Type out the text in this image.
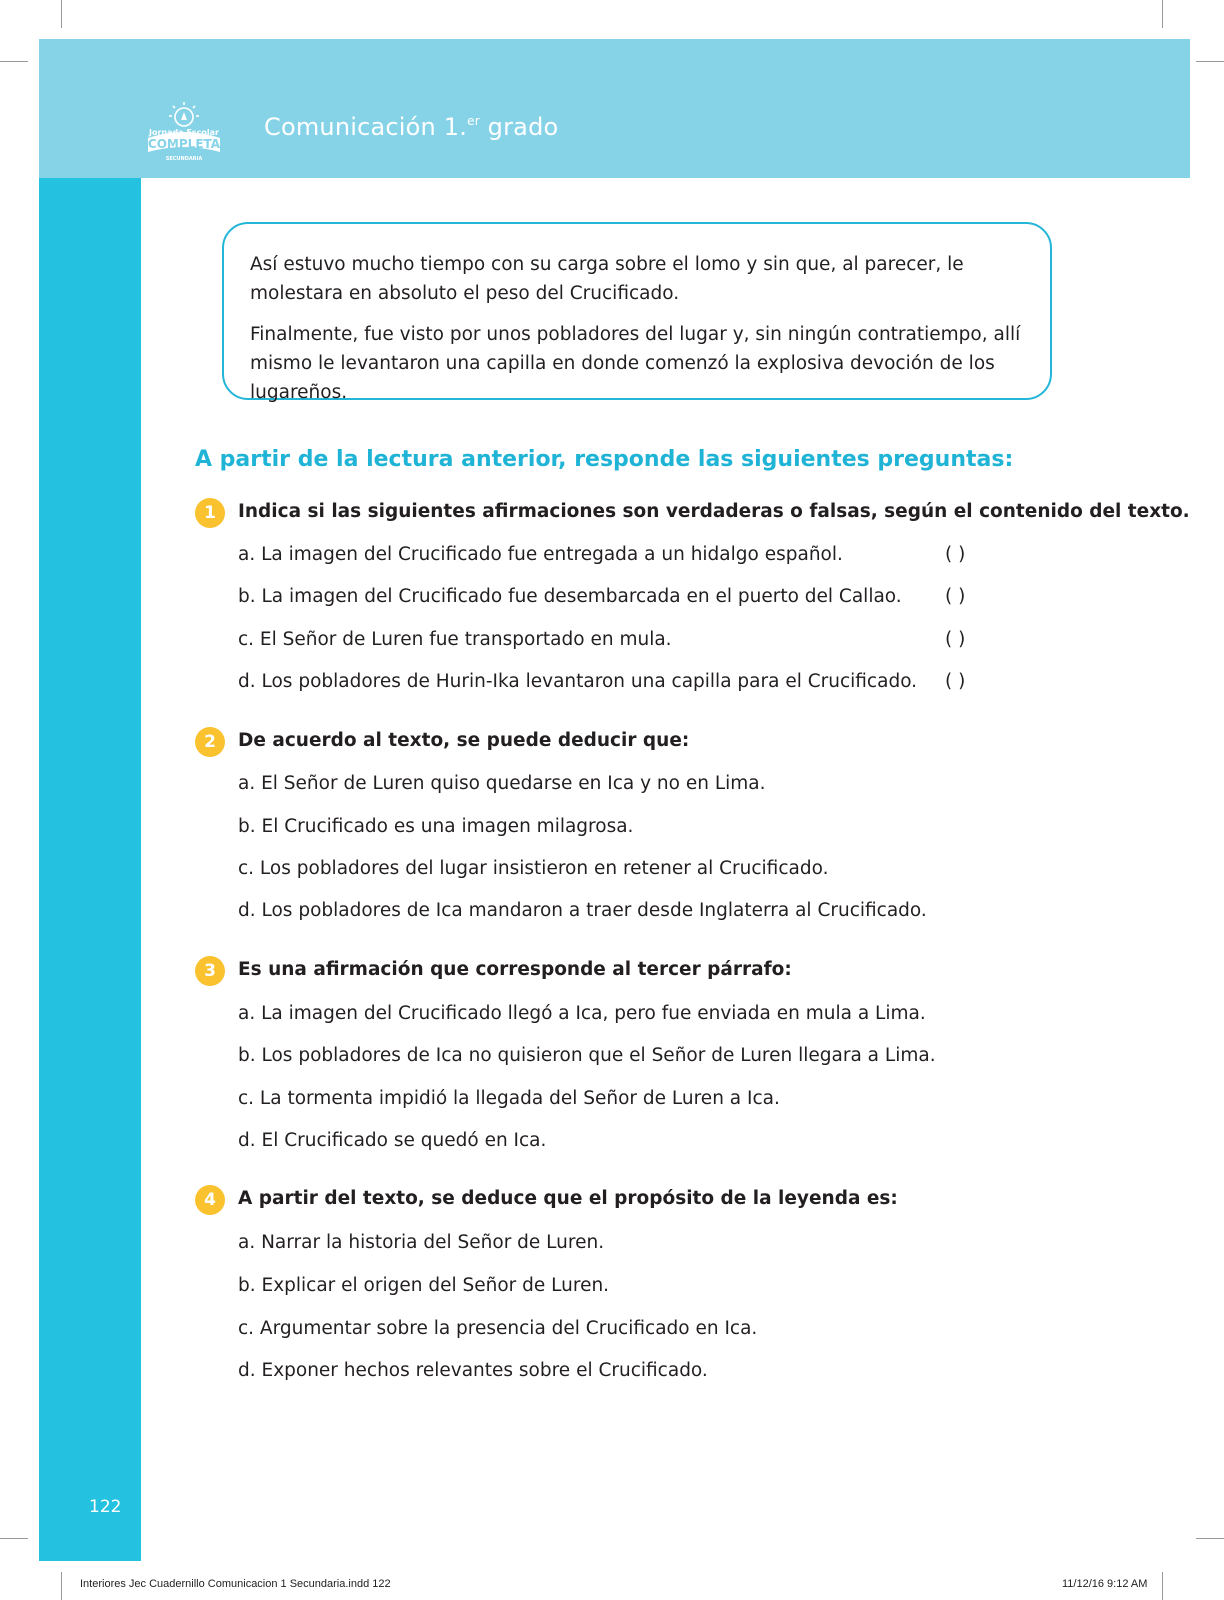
Jornada Escolar
COMPLETA
SECUNDARIA
Comunicación 1.$^{er}$ grado

Así estuvo mucho tiempo con su carga sobre el lomo y sin que, al parecer, le molestara en absoluto el peso del Crucificado.

Finalmente, fue visto por unos pobladores del lugar y, sin ningún contratiempo, allí mismo le levantaron una capilla en donde comenzó la explosiva devoción de los lugareños.

A partir de la lectura anterior, responde las siguientes preguntas:
1	Indica si las siguientes afirmaciones son verdaderas o falsas, según el contenido del texto.
a. La imagen del Crucificado fue entregada a un hidalgo español.	( )
b. La imagen del Crucificado fue desembarcada en el puerto del Callao. ( )
c. El Señor de Luren fue transportado en mula.	( )
d. Los pobladores de Hurin-Ika levantaron una capilla para el Crucificado. ( )
2	De acuerdo al texto, se puede deducir que:
a. El Señor de Luren quiso quedarse en Ica y no en Lima.
b. El Crucificado es una imagen milagrosa.
c. Los pobladores del lugar insistieron en retener al Crucificado.
d. Los pobladores de Ica mandaron a traer desde Inglaterra al Crucificado.
3	Es una afirmación que corresponde al tercer párrafo:
a. La imagen del Crucificado llegó a Ica, pero fue enviada en mula a Lima.
b. Los pobladores de Ica no quisieron que el Señor de Luren llegara a Lima.
c. La tormenta impidió la llegada del Señor de Luren a Ica.
d. El Crucificado se quedó en Ica.
4	A partir del texto, se deduce que el propósito de la leyenda es:
a. Narrar la historia del Señor de Luren.
b. Explicar el origen del Señor de Luren.
c. Argumentar sobre la presencia del Crucificado en Ica.
d. Exponer hechos relevantes sobre el Crucificado.
122
Interiores Jec Cuadernillo Comunicacion 1 Secundaria.indd 122	11/12/16 9:12 AM
